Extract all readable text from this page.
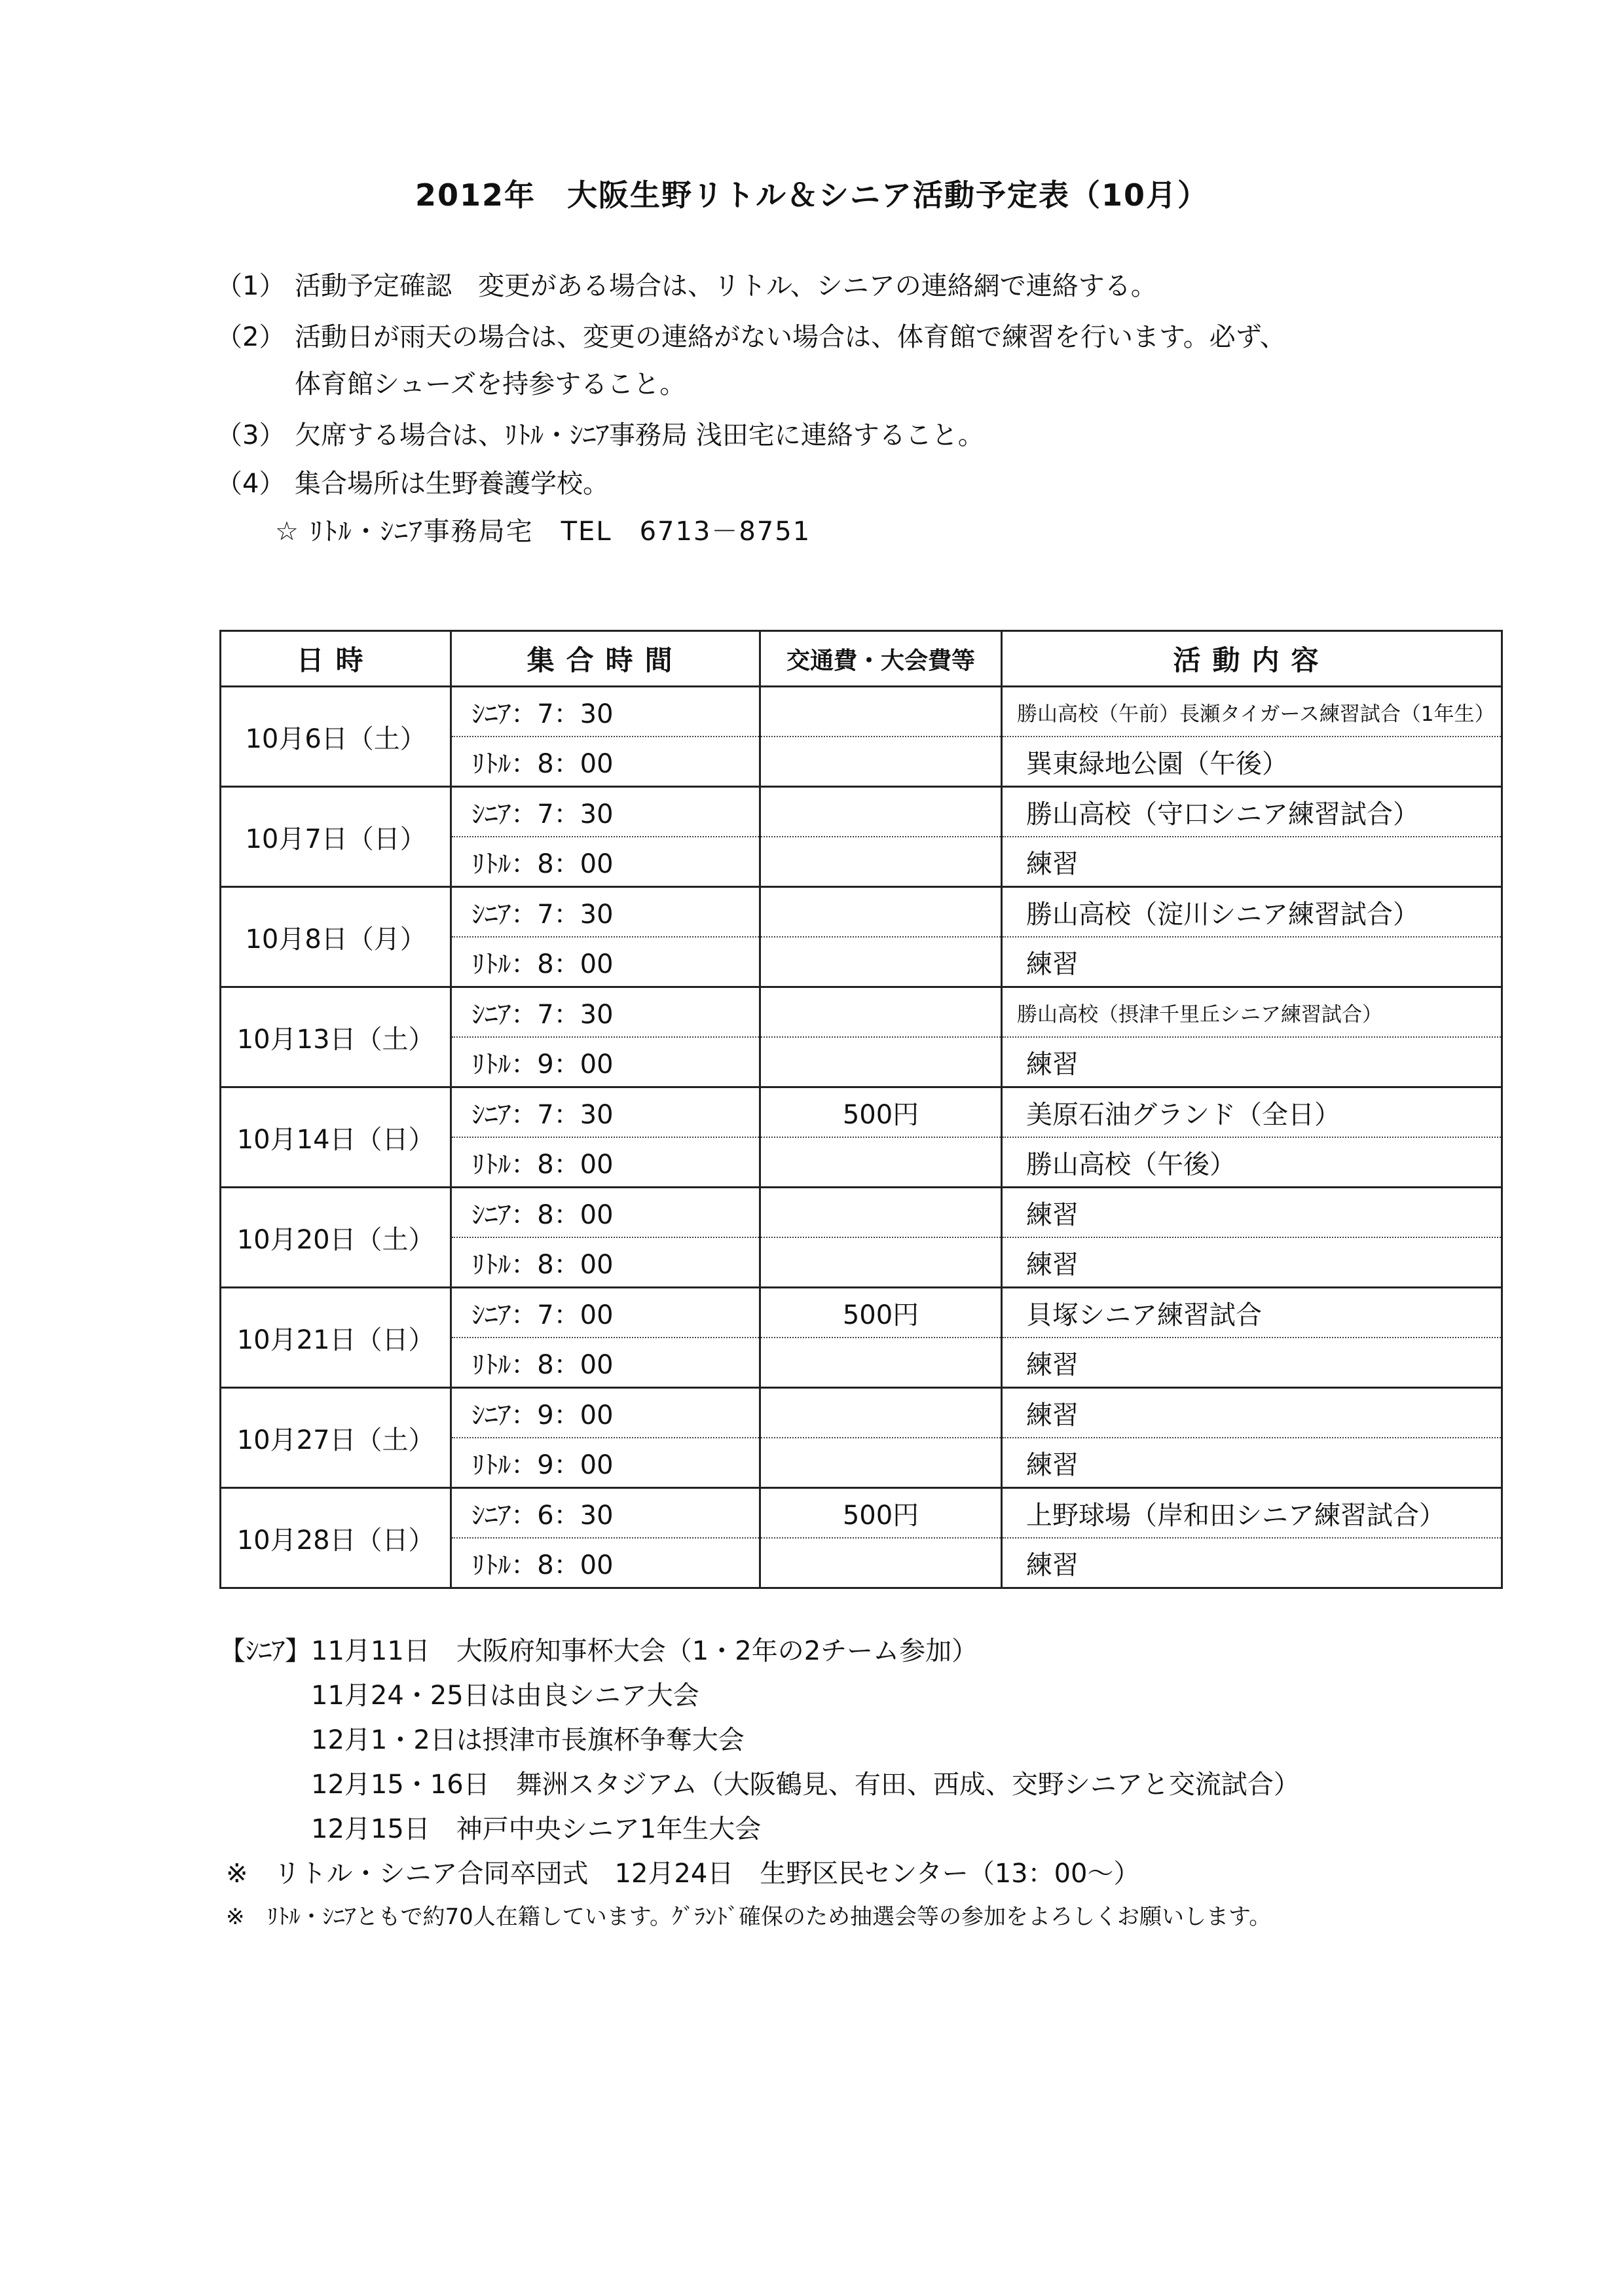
2012年　大阪生野リトル＆シニア活動予定表（10月）
（1） 活動予定確認　変更がある場合は、リトル、シニアの連絡網で連絡する。
（2） 活動日が雨天の場合は、変更の連絡がない場合は、体育館で練習を行います。必ず、
体育館シューズを持参すること。
（3） 欠席する場合は、ﾘﾄﾙ・ｼﾆｱ事務局 浅田宅に連絡すること。
（4） 集合場所は生野養護学校。
☆ ﾘﾄﾙ・ｼﾆｱ事務局宅　TEL　6713－8751
日時	集合時間	交通費・大会費等	活動内容
10月6日（土）	ｼﾆｱ：7：30		勝山高校（午前）長瀬タイガース練習試合（1年生）
	ﾘﾄﾙ：8：00		巽東緑地公園（午後）
10月7日（日）	ｼﾆｱ：7：30		勝山高校（守口シニア練習試合）
	ﾘﾄﾙ：8：00		練習
10月8日（月）	ｼﾆｱ：7：30		勝山高校（淀川シニア練習試合）
	ﾘﾄﾙ：8：00		練習
10月13日（土）	ｼﾆｱ：7：30		勝山高校（摂津千里丘シニア練習試合）
	ﾘﾄﾙ：9：00		練習
10月14日（日）	ｼﾆｱ：7：30	500円	美原石油グランド（全日）
	ﾘﾄﾙ：8：00		勝山高校（午後）
10月20日（土）	ｼﾆｱ：8：00		練習
	ﾘﾄﾙ：8：00		練習
10月21日（日）	ｼﾆｱ：7：00	500円	貝塚シニア練習試合
	ﾘﾄﾙ：8：00		練習
10月27日（土）	ｼﾆｱ：9：00		練習
	ﾘﾄﾙ：9：00		練習
10月28日（日）	ｼﾆｱ：6：30	500円	上野球場（岸和田シニア練習試合）
	ﾘﾄﾙ：8：00		練習
【ｼﾆｱ】11月11日　大阪府知事杯大会（1・2年の2チーム参加）
11月24・25日は由良シニア大会
12月1・2日は摂津市長旗杯争奪大会
12月15・16日　舞洲スタジアム（大阪鶴見、有田、西成、交野シニアと交流試合）
12月15日　神戸中央シニア1年生大会
※　リトル・シニア合同卒団式　12月24日　生野区民センター（13：00～）
※　ﾘﾄﾙ・ｼﾆｱともで約70人在籍しています。ｸﾞﾗﾝﾄﾞ確保のため抽選会等の参加をよろしくお願いします。
